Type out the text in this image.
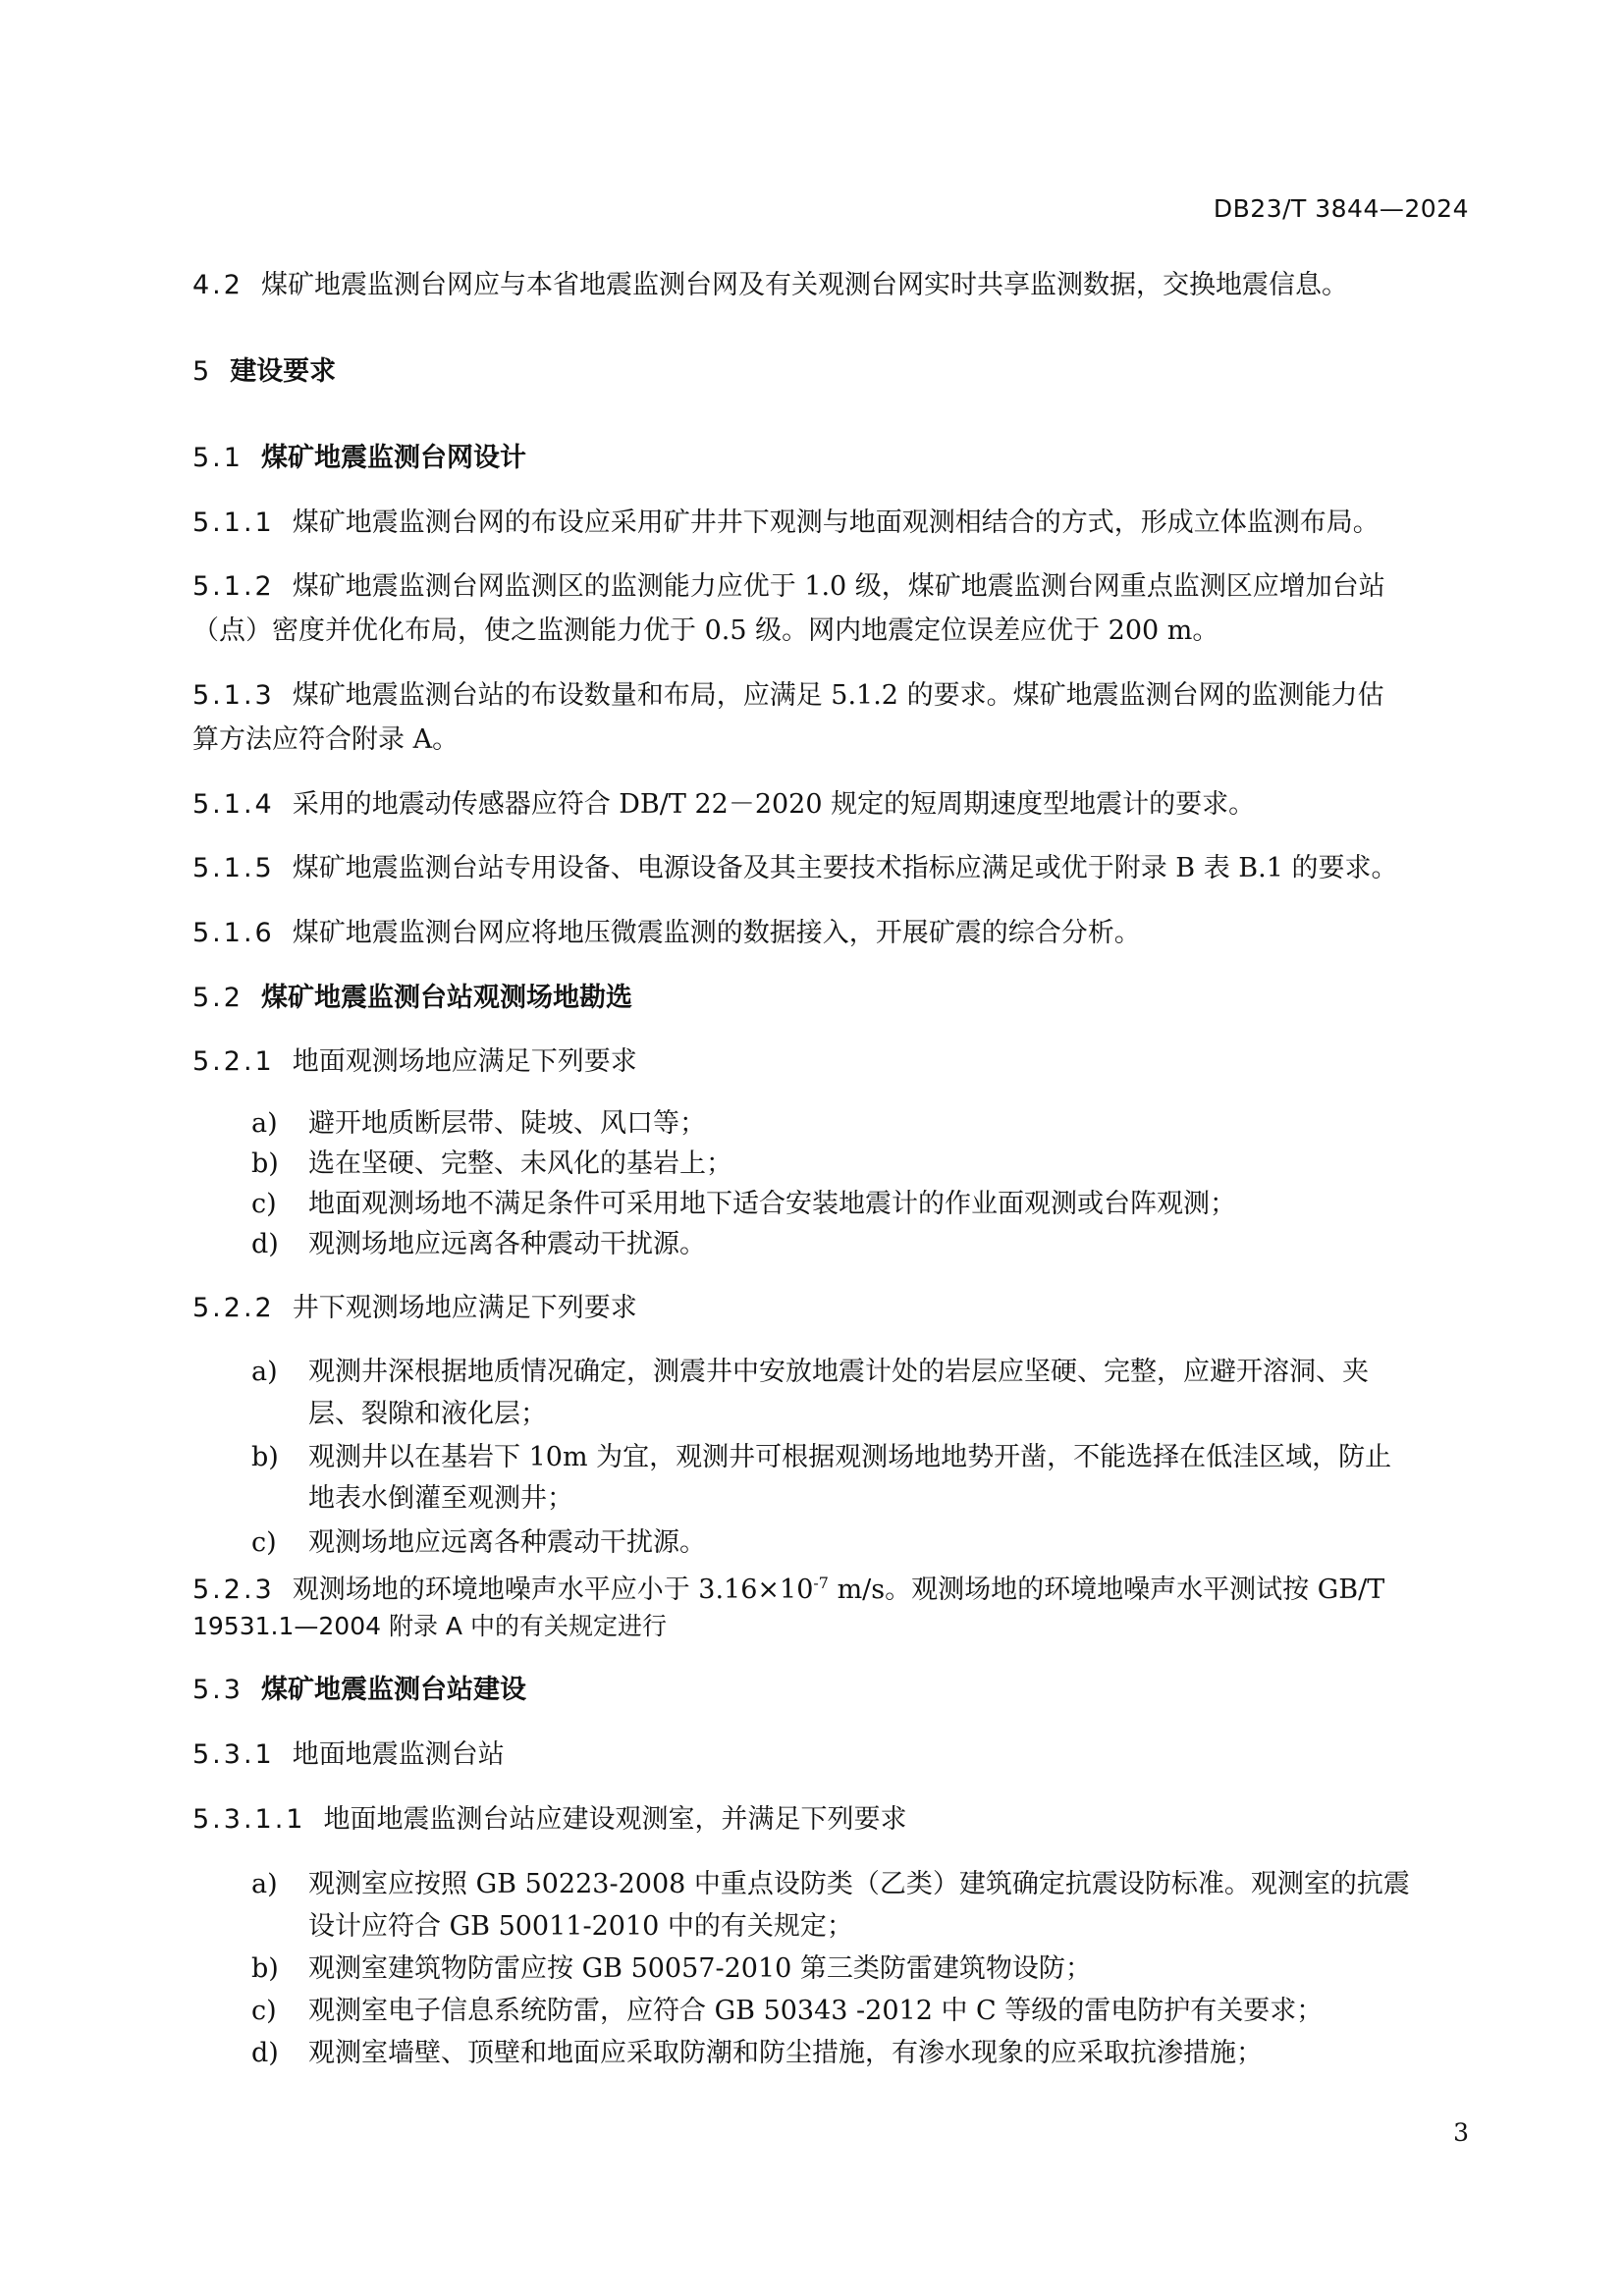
DB23/T 3844—2024
4.2 煤矿地震监测台网应与本省地震监测台网及有关观测台网实时共享监测数据，交换地震信息。
5 建设要求
5.1 煤矿地震监测台网设计
5.1.1 煤矿地震监测台网的布设应采用矿井井下观测与地面观测相结合的方式，形成立体监测布局。
5.1.2 煤矿地震监测台网监测区的监测能力应优于 1.0 级，煤矿地震监测台网重点监测区应增加台站
（点）密度并优化布局，使之监测能力优于 0.5 级。网内地震定位误差应优于 200 m。
5.1.3 煤矿地震监测台站的布设数量和布局，应满足 5.1.2 的要求。煤矿地震监测台网的监测能力估
算方法应符合附录 A。
5.1.4 采用的地震动传感器应符合 DB/T 22－2020 规定的短周期速度型地震计的要求。
5.1.5 煤矿地震监测台站专用设备、电源设备及其主要技术指标应满足或优于附录 B 表 B.1 的要求。
5.1.6 煤矿地震监测台网应将地压微震监测的数据接入，开展矿震的综合分析。
5.2 煤矿地震监测台站观测场地勘选
5.2.1 地面观测场地应满足下列要求
a) 避开地质断层带、陡坡、风口等；
b) 选在坚硬、完整、未风化的基岩上；
c) 地面观测场地不满足条件可采用地下适合安装地震计的作业面观测或台阵观测；
d) 观测场地应远离各种震动干扰源。
5.2.2 井下观测场地应满足下列要求
a) 观测井深根据地质情况确定，测震井中安放地震计处的岩层应坚硬、完整，应避开溶洞、夹
层、裂隙和液化层；
b) 观测井以在基岩下 10m 为宜，观测井可根据观测场地地势开凿，不能选择在低洼区域，防止
地表水倒灌至观测井；
c) 观测场地应远离各种震动干扰源。
5.2.3 观测场地的环境地噪声水平应小于 $3.16\times 10^{-7}$ m/s。观测场地的环境地噪声水平测试按 GB/T
19531.1—2004 附录 A 中的有关规定进行
5.3 煤矿地震监测台站建设
5.3.1 地面地震监测台站
5.3.1.1 地面地震监测台站应建设观测室，并满足下列要求
a) 观测室应按照 GB 50223-2008 中重点设防类（乙类）建筑确定抗震设防标准。观测室的抗震
设计应符合 GB 50011-2010 中的有关规定；
b) 观测室建筑物防雷应按 GB 50057-2010 第三类防雷建筑物设防；
c) 观测室电子信息系统防雷，应符合 GB 50343 -2012 中 C 等级的雷电防护有关要求；
d) 观测室墙壁、顶壁和地面应采取防潮和防尘措施，有渗水现象的应采取抗渗措施；
3
